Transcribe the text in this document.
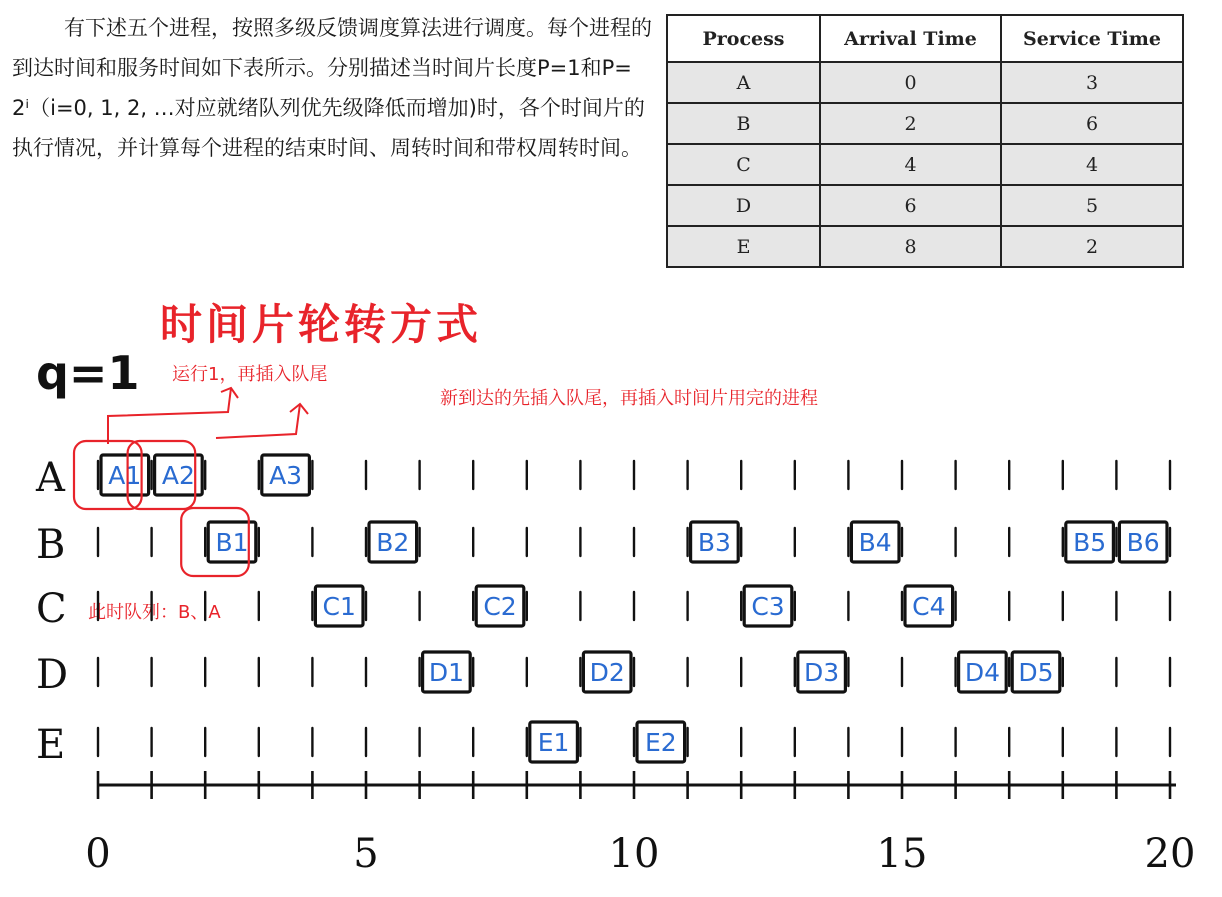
有下述五个进程，按照多级反馈调度算法进行调度。每个进程的到达时间和服务时间如下表所示。分别描述当时间片长度P=1和P= 2ⁱ（i=0, 1, 2, …对应就绪队列优先级降低而增加)时，各个时间片的执行情况，并计算每个进程的结束时间、周转时间和带权周转时间。

Process	Arrival Time	Service Time
A	0	3
B	2	6
C	4	4
D	6	5
E	8	2
时间片轮转方式
q=1 运行1，再插入队尾
新到达的先插入队尾，再插入时间片用完的进程
此时队列：B、A
A
B
C
D
E
0	5	10	15	20
A1 A2	A3
B1	B2	B3	B4	B5 B6
C1	C2	C3	C4
D1	D2	D3	D4 D5
E1	E2
